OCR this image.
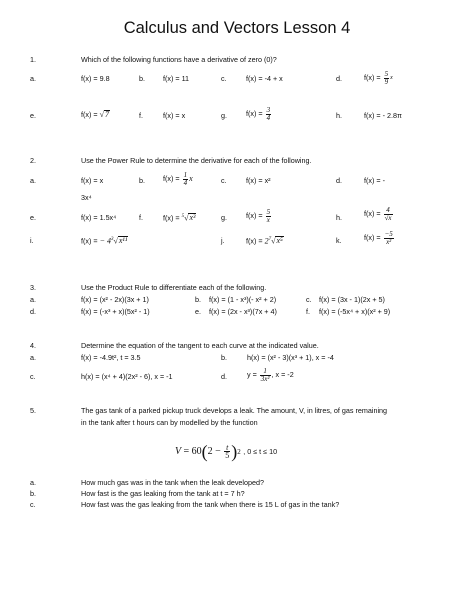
Calculus and Vectors Lesson 4
1.	Which of the following functions have a derivative of zero (0)?
a.	f(x) = 9.8	b.	f(x) = 11	c.	f(x) = -4 + x	d.	$f(x) = \frac{5}{9} ^x$
e.	f(x) = √7	f.	f(x) = x	g.	$f(x) = \frac{3}{4}$	h.	f(x) = - 2.8π
2.	Use the Power Rule to determine the derivative for each of the following.
a.	f(x) = x	b.	$f(x) = \frac{1}{4}$ x	c.	f(x) = x²	d.	f(x) = -
3x⁴
e.	f(x) = 1.5x⁴	f.	f(x) = $^5$√x³	g.	$f(x) = \frac{5}{x}$	h.	$f(x) = \frac{4}{√x}$
i.	f(x) = − $4^3√x^{11}$	j.	$f(x) = 2^7√x^5$	k.	$f(x) = \frac{-5}{\text{x²}}$
3.	Use the Product Rule to differentiate each of the following.
a.	f(x) = (x² - 2x)(3x + 1)	b. f(x) = (1 - x³)(- x² + 2)	c. f(x) = (3x - 1)(2x + 5)
d.	f(x) = (-x³ + x)(5x² - 1)	e. f(x) = (2x - x³)(7x + 4)	f. f(x) = (-5x⁴ + x)(x² + 9)
4.	Determine the equation of the tangent to each curve at the indicated value.
a.	f(x) = -4.9t², t = 3.5	b.	h(x) = (x² - 3)(x³ + 1), x = -4
c.	h(x) = (x⁴ + 4)(2x² - 6), x = -1	d.	$y = \frac{1}{\text{3x²}}$ , x = -2
5.	The gas tank of a parked pickup truck develops a leak. The amount, V, in litres, of gas remaining
in the tank after t hours can by modelled by the function
$V = 60(2 - \frac{t}{5} )^2$ , 0 ≤ t ≤ 10
a.	How much gas was in the tank when the leak developed?
b.	How fast is the gas leaking from the tank at t = 7 h?
c.	How fast was the gas leaking from the tank when there is 15 L of gas in the tank?
